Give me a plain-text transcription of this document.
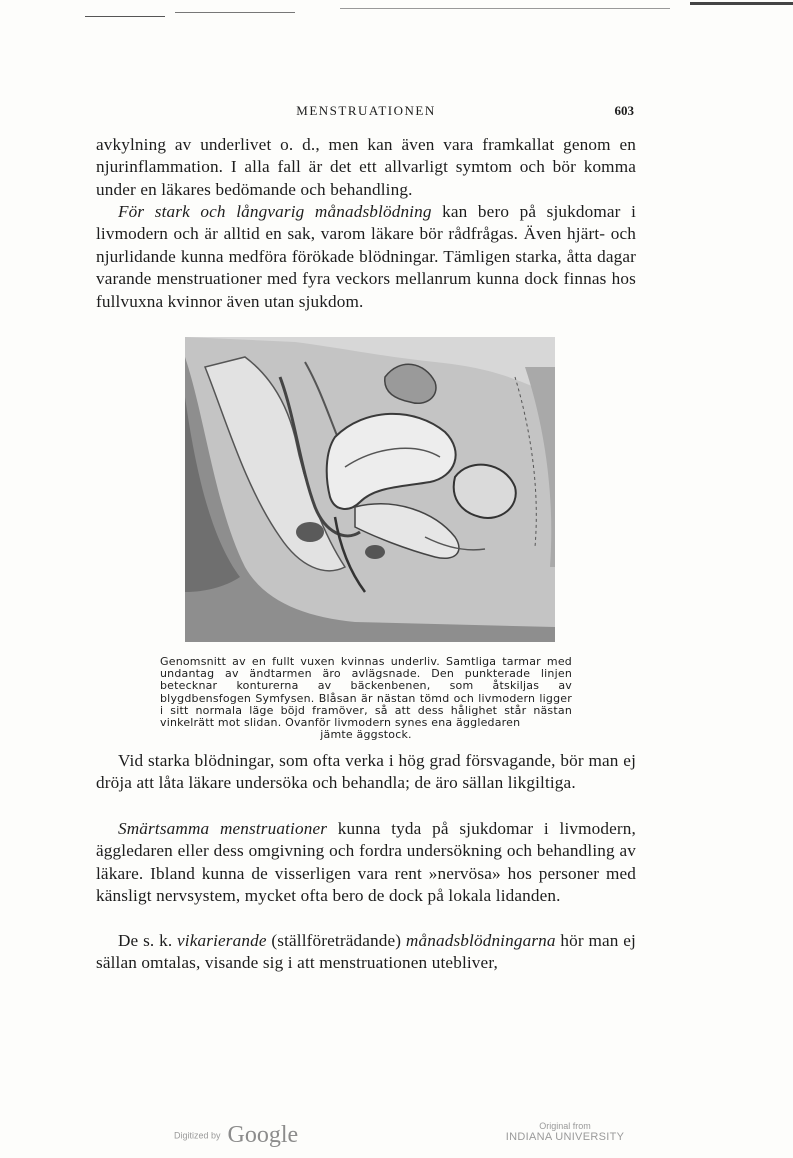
MENSTRUATIONEN	603

avkylning av underlivet o. d., men kan även vara framkallat genom en njurinflammation. I alla fall är det ett allvarligt symtom och bör komma under en läkares bedömande och behandling.

För stark och långvarig månadsblödning kan bero på sjukdomar i livmodern och är alltid en sak, varom läkare bör rådfrågas. Även hjärt- och njurlidande kunna medföra förökade blödningar. Tämligen starka, åtta dagar varande menstruationer med fyra veckors mellanrum kunna dock finnas hos fullvuxna kvinnor även utan sjukdom.

Genomsnitt av en fullt vuxen kvinnas underliv. Samtliga tarmar med undantag av ändtarmen äro avlägsnade. Den punkterade linjen betecknar konturerna av bäckenbenen, som åtskiljas av blygdbensfogen Symfysen. Blåsan är nästan tömd och livmodern ligger i sitt normala läge böjd framöver, så att dess hålighet står nästan vinkelrätt mot slidan. Ovanför livmodern synes ena äggledaren
jämte äggstock.

Vid starka blödningar, som ofta verka i hög grad försvagande, bör man ej dröja att låta läkare undersöka och behandla; de äro sällan likgiltiga.

Smärtsamma menstruationer kunna tyda på sjukdomar i livmodern, äggledaren eller dess omgivning och fordra undersökning och behandling av läkare. Ibland kunna de visserligen vara rent »nervösa» hos personer med känsligt nervsystem, mycket ofta bero de dock på lokala lidanden.

De s. k. vikarierande (ställföreträdande) månadsblödningarna hör man ej sällan omtalas, visande sig i att menstruationen utebliver,

Digitized by Google	Original from
INDIANA UNIVERSITY
